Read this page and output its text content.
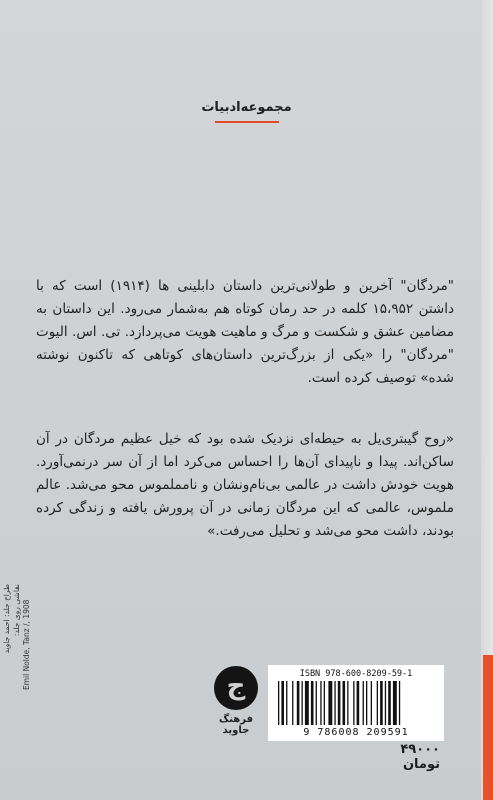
مجموعه‌ادبیات

"مردگان" آخرین و طولانی‌ترین داستان دابلینی ها (۱۹۱۴) است که با داشتن ۱۵،۹۵۲ کلمه در حد رمان کوتاه هم به‌شمار می‌رود. این داستان به مضامین عشق و شکست و مرگ و ماهیت هویت می‌پردازد. تی. اس. الیوت "مردگان" را «یکی از بزرگ‌ترین داستان‌های کوتاهی که تاکنون نوشته شده» توصیف کرده است.

«روح گیبتری‌یل به حیطه‌ای نزدیک شده بود که خیل عظیم مردگان در آن ساکن‌اند. پیدا و ناپیدای آن‌ها را احساس می‌کرد اما از آن سر درنمی‌آورد. هویت خودش داشت در عالمی بی‌نام‌ونشان و نامملموس محو می‌شد. عالم ملموس، عالمی که این مردگان زمانی در آن پرورش یافته و زندگی کرده بودند، داشت محو می‌شد و تحلیل می‌رفت.»

طراح جلد: احمد جاوید نقاشی روی جلد: Emil Nolde, Tanz /, 1908	ج
فرهنگ جاوید
ISBN 978-600-8209-59-1
9 786008 209591
۴۹۰۰۰ تومان
